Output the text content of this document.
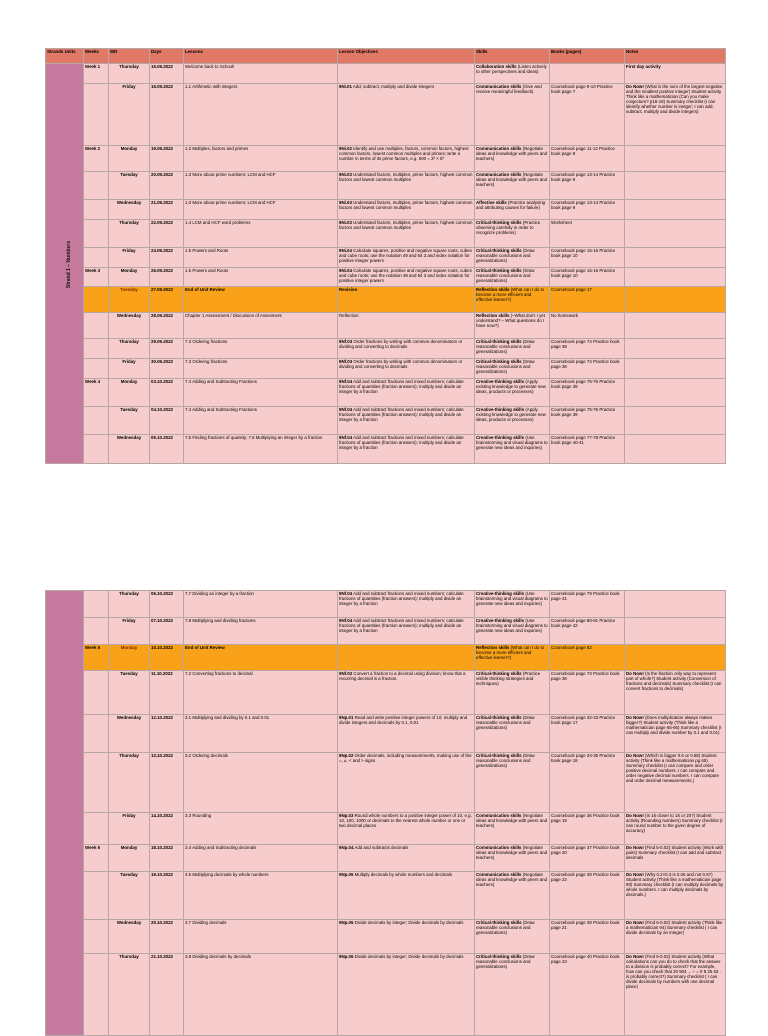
Strands Units	Weeks	WD	Days	Lessons	Lesson Objectives	Skills	Books (pages)	Notes
Strand 1 – Numbers	Week 1	Thursday	15.09.2022	Welcome back to School!		Collaboration skills (Listen actively to other perspectives and ideas)		First day activity
		Friday	16.09.2022	1.1 Arithmetic with integers	9Ni.01 Add, subtract, multiply and divide integers	Communication skills (Give and receive meaningful feedback)	Coursebook page 9-10 Practice book page 7	Do Now! (What is the sum of the largest negative and the smallest positive integer) Student activity Think like a mathematician (Can you make conjecture? p16-19) Summary checklist (I can identify whether number is inetger; I can add, subtract, multiply and divide integers)
	Week 2	Monday	19.09.2022	1.2 Multiples, factors and primes	9Ni.02 Identify and use multiples, factors, common factors, highest common factors, lowest common multiples and primes; write a number in terms of its prime factors, e.g. 500 = 2² × 5³	Communication skills (Negotiate ideas and knowledge with peers and teachers)	Coursebook page 11-12 Practice book page 8	
		Tuesday	20.09.2022	1.3 More about prime numbers; LCM and HCF	9Ni.03 Understand factors, multiples, prime factors, highest common factors and lowest common multiples	Communication skills (Negotiate ideas and knowledge with peers and teachers)	Coursebook page 13-14 Practice book page 9	
		Wednesday	21.09.2022	1.3 More about prime numbers; LCM and HCF	9Ni.03 Understand factors, multiples, prime factors, highest common factors and lowest common multiples	Affective skills (Practice analysing and attributing causes for failure)	Coursebook page 13-14 Practice book page 9	
		Thursday	22.09.2022	1.4 LCM and HCF word problems	9Ni.03 Understand factors, multiples, prime factors, highest common factors and lowest common multiples	Critical-thinking skills (Practice observing carefully in order to recognize problems)	Worksheet	
		Friday	24.09.2022	1.5 Powers and Roots	9Ni.04 Calculate squares, positive and negative square roots, cubes and cube roots; use the notation 49 and 64 3 and index notation for positive integer powers	Critical-thinking skills (Draw reasonable conclusions and generalizations)	Coursebook page 15-16 Practice book page 10	
	Week 3	Monday	26.09.2022	1.5 Powers and Roots	9Ni.04 Calculate squares, positive and negative square roots, cubes and cube roots; use the notation 49 and 64 3 and index notation for positive integer powers	Critical-thinking skills (Draw reasonable conclusions and generalizations)	Coursebook page 15-16 Practice book page 10	
		Tuesday	27.09.2022	End of Unit Review	Revision	Reflection skills (What can I do to become a more efficient and effective learner?)	Coursebook page 17	
		Wednesday	28.09.2022	Chapter 1 Assessment / Discussion of Assesment	Reflection	Reflection skills (–What don't I yet understand? – What questions do I have now?)	No homework	
		Thursday	29.09.2022	7.3 Ordering fractions	9Nf.03 Order fractions by writing with common denominators or dividing and converting to decimals	Critical-thinking skills (Draw reasonable conclusions and generalizations)	Coursebook page 74 Practice book page 38	
		Friday	30.09.2022	7.3 Ordering fractions	9Nf.03 Order fractions by writing with common denominators or dividing and converting to decimals	Critical-thinking skills (Draw reasonable conclusions and generalizations)	Coursebook page 74 Practice book page 38	
	Week 4	Monday	03.10.2022	7.4 Adding and Subtracting Fractions	9Nf.04 Add and subtract fractions and mixed numbers; calculate fractions of quantities (fraction answers); multiply and divide an integer by a fraction	Creative-thinking skills (Apply existing knowledge to generate new ideas, products or processes)	Coursebook page 75-76 Practice book page 39	
		Tuesday	04.10.2022	7.4 Adding and Subtracting Fractions	9Nf.04 Add and subtract fractions and mixed numbers; calculate fractions of quantities (fraction answers); multiply and divide an integer by a fraction	Creative-thinking skills (Apply existing knowledge to generate new ideas, products or processes)	Coursebook page 75-76 Practice book page 39	
		Wednesday	05.10.2022	7.5 Finding fractions of quantity; 7.6 Multiplying an integer by a fraction	9Nf.04 Add and subtract fractions and mixed numbers; calculate fractions of quantities (fraction answers); multiply and divide an integer by a fraction	Creative-thinking skills (Use brainstorming and visual diagrams to generate new ideas and inquiries)	Coursebook page 77-78 Practice book page 40-41	
		Thursday	06.10.2022	7.7 Dividing an integer by a fraction	9Nf.04 Add and subtract fractions and mixed numbers; calculate fractions of quantities (fraction answers); multiply and divide an integer by a fraction	Creative-thinking skills (Use brainstorming and visual diagrams to generate new ideas and inquiries)	Coursebook page 79 Practice book page 41	
		Friday	07.10.2022	7.8 Multiplying and dividing fractions	9Nf.04 Add and subtract fractions and mixed numbers; calculate fractions of quantities (fraction answers); multiply and divide an integer by a fraction	Creative-thinking skills (Use brainstorming and visual diagrams to generate new ideas and inquiries)	Coursebook page 80-81 Practice book page 42	
	Week 5	Monday	10.10.2022	End of Unit Review		Reflection skills (What can I do to become a more efficient and effective learner?)	Coursebook page 82	
		Tuesday	11.10.2022	7.2 Converting fractions to decimal	9Nf.02 Convert a fraction to a decimal using division; know that a recurring decimal is a fraction.	Critical-thinking skills (Practice visible thinking strategies and techniques)	Coursebook page 73 Practice book page 38	Do Now! (Is the fraction only way to represent part of whole?) Student activity (Conversion of fractions and decimals) Summary checklist (I can convert fractions to decimals)
		Wednesday	12.10.2022	3.1 Multiplying and dividing by 0.1 and 0.01	9Np.01 Read and write positive integer powers of 10; multiply and divide integers and decimals by 0.1, 0.01	Critical-thinking skills (Draw reasonable conclusions and generalizations)	Coursebook page 32-33 Practice book page 17	Do Now! (Does multiplication always makes bigger?) Student activity (Think like a mathematician page 65-66) Summary checklist (I can multiply and divide number by 0.1 and 0.01)
		Thursday	13.10.2022	3.2 Ordering decimals	9Np.02 Order decimals, including measurements, making use of the =, ≠, < and > signs	Critical-thinking skills (Draw reasonable conclusions and generalizations)	Coursebook page 34-35 Practice book page 18	Do Now! (Which is bigger 0.6 or 0.58) Student activity (Think like a mathematician pg 65) Summary checklist (I can compare and order positive decimal numbers. I can compare and order negative decimal numbers. I can compare and order decimal measurements.)
		Friday	14.10.2022	3.3 Rounding	9Np.03 Round whole numbers to a positive integer power of 10, e.g. 10, 100, 1000 or decimals to the nearest whole number or one or two decimal places	Communication skills (Negotiate ideas and knowledge with peers and teachers)	Coursebook page 36 Practice book page 19	Do Now! (Is 16 closer to 16 or 20?) Student activity (Rounding numbers) Summary checklist (I can round number to the given degree of accuracy)
	Week 6	Monday	18.10.2022	3.4 Adding and Subtracting decimals	9Np.04 Add and subtracts decimals	Communication skills (Negotiate ideas and knowledge with peers and teachers)	Coursebook page 37 Practice book page 20	Do Now! (Find 5-0.02) Student activity (Work with pairs) Summary checklist (I can add and subtract decimals
		Tuesday	19.10.2022	3.5 Multiplying decimals by whole numbers	9Np.05 Multiply decimals by whole numbers and decimals	Communication skills (Negotiate ideas and knowledge with peers and teachers)	Coursebook page 39 Practice book page 22	Do Now! (Why 0.2×0.3 is 0.06 and not 0.6?) Student activity (Think like a mathematician page 90) Summary checklist (I can multiply decimals by whole numbers. I can multiply decimals by decimals.)
		Wednesday	20.10.2022	3.7 Dividing decimals	9Np.05 Divide decimals by integer; Divide decimals by decimals	Critical-thinking skills (Draw reasonable conclusions and generalizations)	Coursebook page 38 Practice book page 21	Do Now! (Find 5-0.02) Student activity (Think like a mathematician 94) Summary checklist ( I can divide decimals by an integer)
		Thursday	21.10.2022	3.8 Dividing decimals by decimals	9Np.06 Divide decimals by integer; Divide decimals by decimals	Critical-thinking skills (Draw reasonable conclusions and generalizations)	Coursebook page 40 Practice book page 23	Do Now! (Find 5-0.02) Student activity (What calculations can you do to check that the answer to a division is probably correct? For example, how can you check that 20 504 ... ÷ = 0 8 25 63 . is probably correct?) Summary checklist ( I can divide decimals by numbers with one decimal place)
